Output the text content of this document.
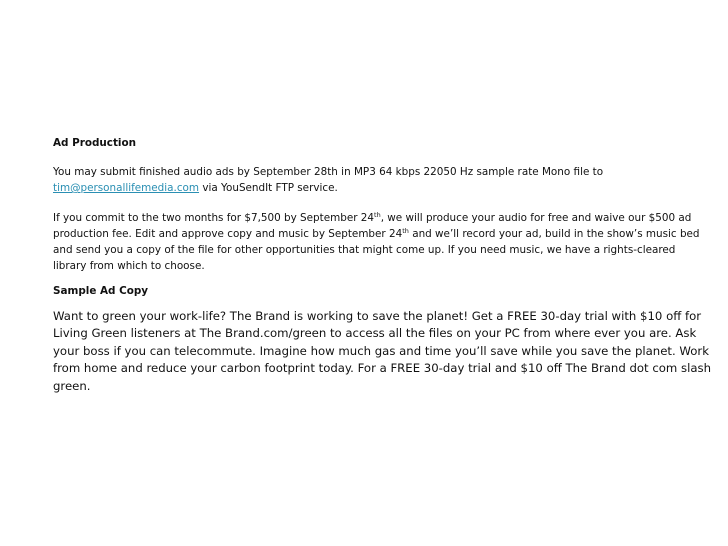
Ad Production

You may submit finished audio ads by September 28th in MP3 64 kbps 22050 Hz sample rate Mono file to

tim@personallifemedia.com via YouSendIt FTP service.

If you commit to the two months for $7,500 by September 24th, we will produce your audio for free and waive our $500 ad

production fee. Edit and approve copy and music by September 24th and we’ll record your ad, build in the show’s music bed

and send you a copy of the file for other opportunities that might come up. If you need music, we have a rights-cleared

library from which to choose.

Sample Ad Copy

Want to green your work-life? The Brand is working to save the planet! Get a FREE 30-day trial with $10 off for

Living Green listeners at The Brand.com/green to access all the files on your PC from where ever you are. Ask

your boss if you can telecommute. Imagine how much gas and time you’ll save while you save the planet. Work

from home and reduce your carbon footprint today. For a FREE 30-day trial and $10 off The Brand dot com slash

green.
